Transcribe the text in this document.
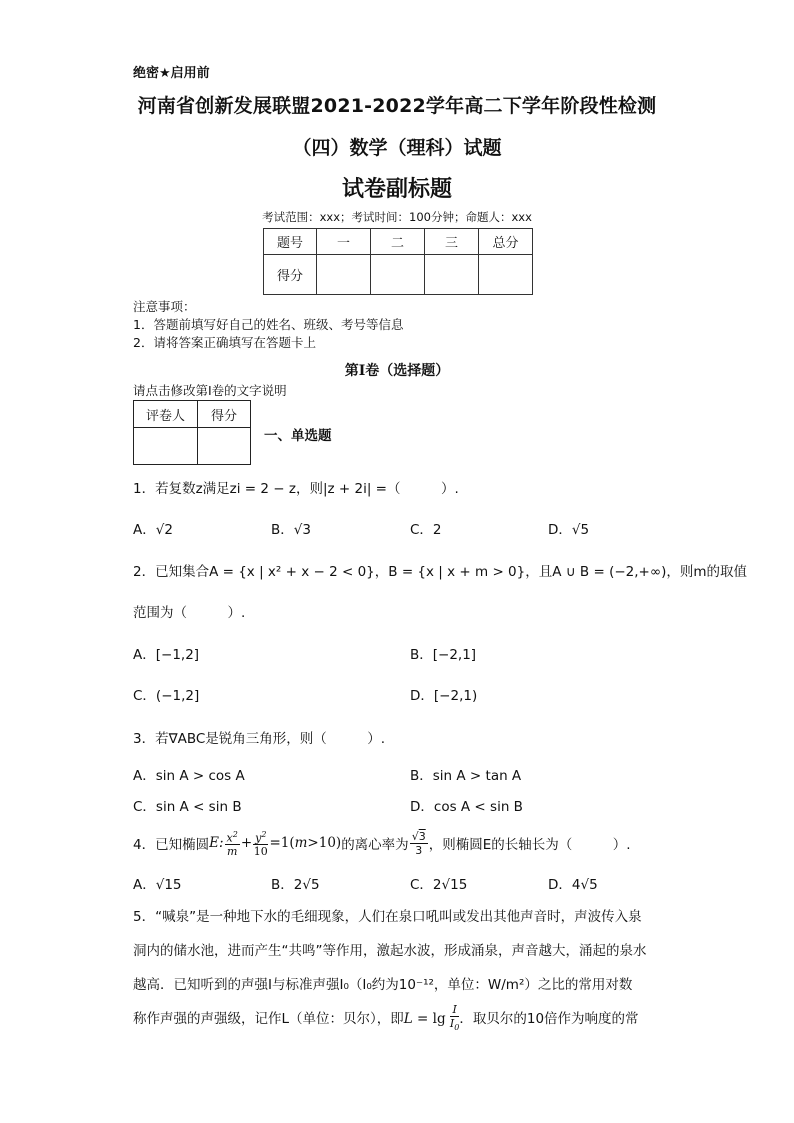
绝密★启用前
河南省创新发展联盟2021-2022学年高二下学年阶段性检测
（四）数学（理科）试题
试卷副标题
考试范围：xxx；考试时间：100分钟；命题人：xxx
题号	一	二	三	总分
得分				
注意事项：
1．答题前填写好自己的姓名、班级、考号等信息
2．请将答案正确填写在答题卡上
第I卷（选择题）
请点击修改第I卷的文字说明
评卷人	得分

一、单选题
1．若复数z满足zi = 2 − z，则|z + 2i| =（　　　）.
A．√2	B．√3	C．2	D．√5
2．已知集合A = {x | x² + x − 2 < 0}，B = {x | x + m > 0}，且A ∪ B = (−2,+∞)，则m的取值
范围为（　　　）.
A．[−1,2]	B．[−2,1]
C．(−1,2]	D．[−2,1)
3．若∇ABC是锐角三角形，则（　　　）.
A．sin A > cos A	B．sin A > tan A
C．sin A < sin B	D．cos A < sin B
4．已知椭圆 E: $x^2$
m
+ $\frac{y^2}{10} =1$( m >10) 的离心率为
√3
3 ，则椭圆E的长轴长为（　　　）.
A．√15	B．2√5	C．2√15	D．4√5
5．“喊泉”是一种地下水的毛细现象，人们在泉口吼叫或发出其他声音时，声波传入泉
洞内的储水池，进而产生“共鸣”等作用，激起水波，形成涌泉，声音越大，涌起的泉水
越高．已知听到的声强I与标准声强I₀（I₀约为10⁻¹²，单位：W/m²）之比的常用对数
称作声强的声强级，记作L（单位：贝尔），即 L = lg
I
$I_0$
．取贝尔的10倍作为响度的常
